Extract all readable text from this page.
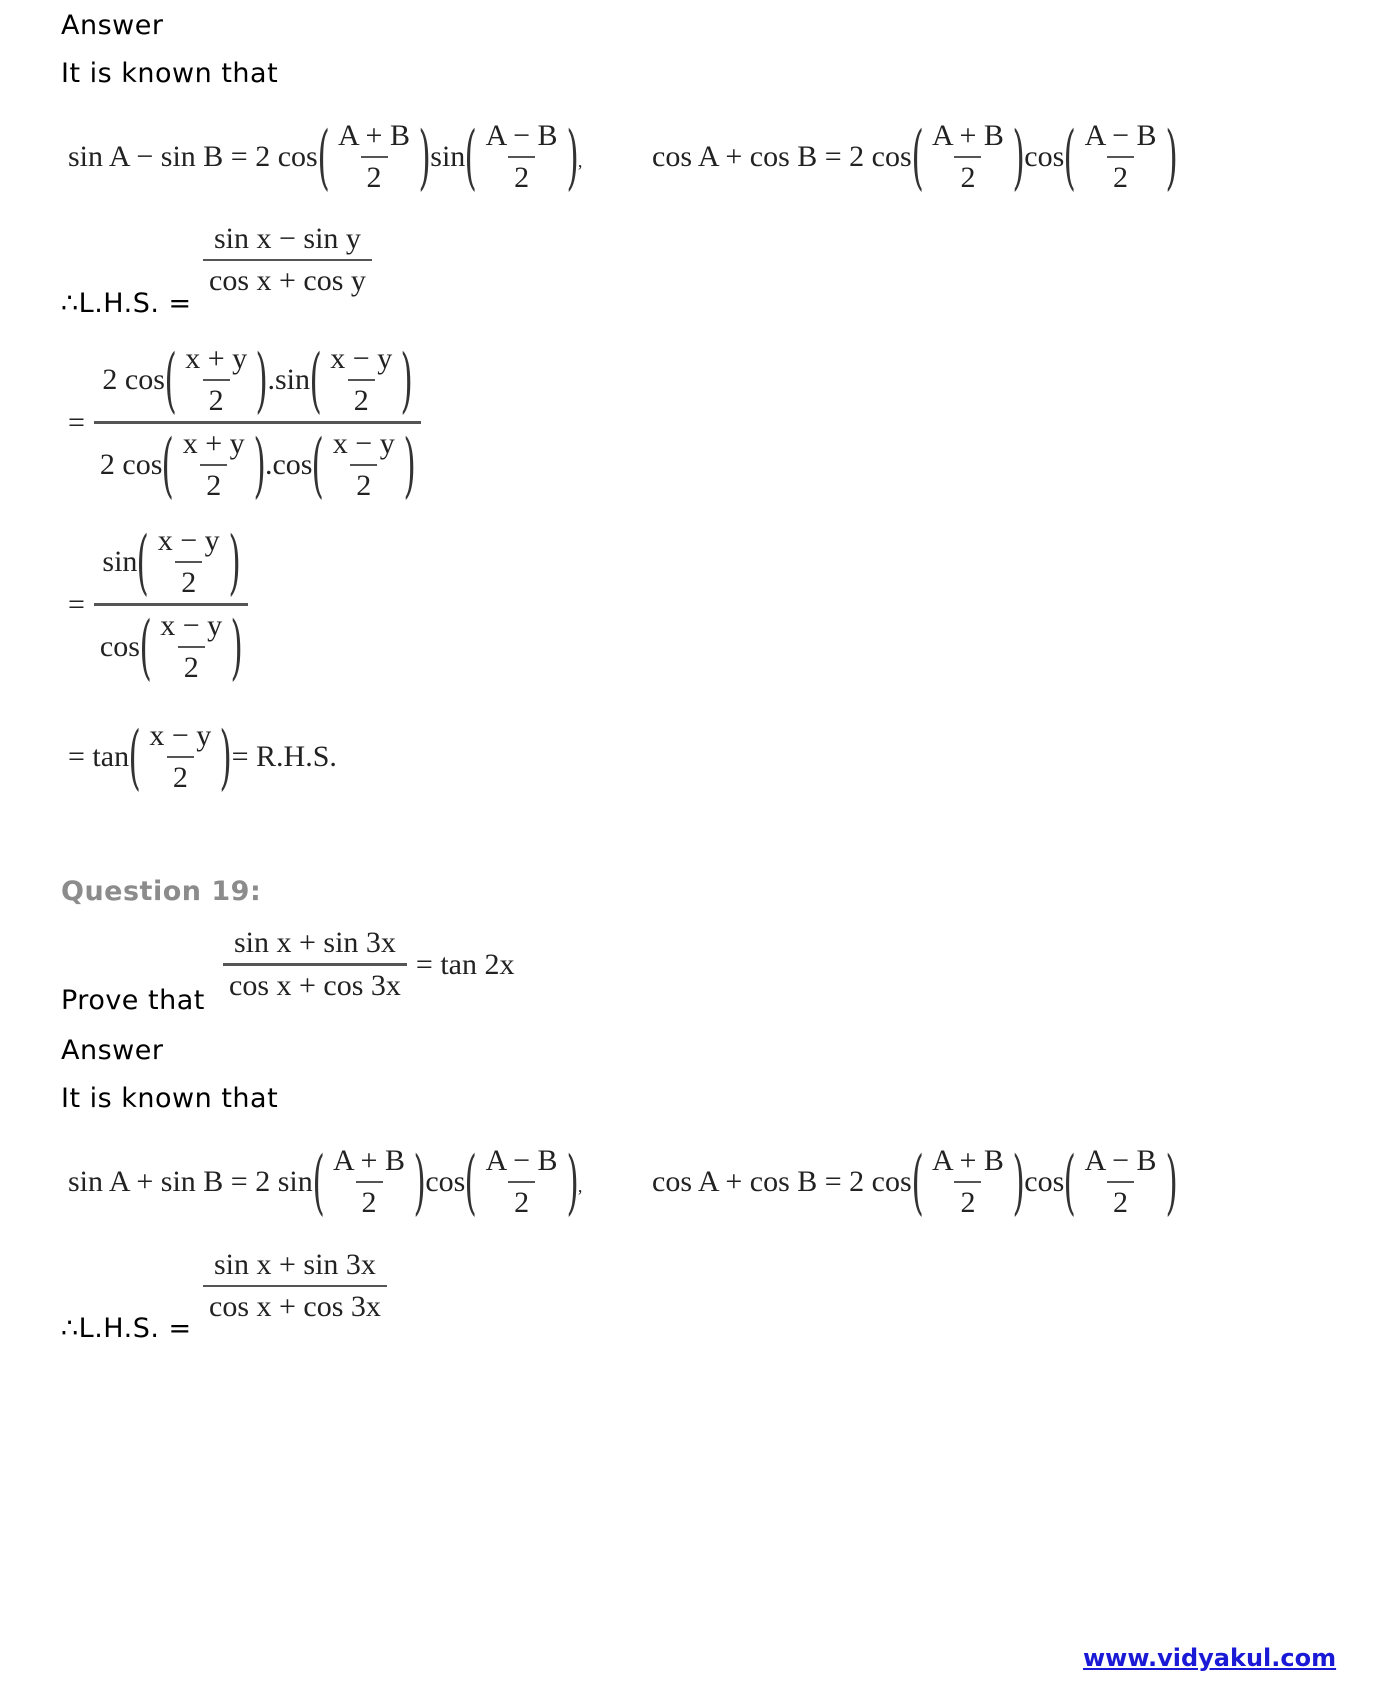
Answer
It is known that
sin A − sin B = 2 cos ( $\frac{A + B}{2}$ ) sin ( $\frac{A - B}{2}$ ) , cos A + cos B = 2 cos ( $\frac{A + B}{2}$ ) cos ( $\frac{A - B}{2}$ )
∴L.H.S. =
$\frac{\text{sin x − sin y}}{\text{cos x + cos y}}$
= $\frac{2 \cos ( \frac{x + y}{2} ) .\sin ( \frac{x - y}{2} )}{2 \cos ( \frac{x + y}{2} ) .\cos ( \frac{x - y}{2} )}$
= $\frac{\sin ( \frac{x - y}{2} )}{\cos ( \frac{x - y}{2} )}$
= tan ( $\frac{x - y}{2}$ ) = R.H.S.
Question 19:
Prove that $\frac{\text{sin x + sin 3x}}{\text{cos x + cos 3x}} = \tan 2x$
Answer
It is known that
sin A + sin B = 2 sin ( $\frac{A + B}{2}$ ) cos ( $\frac{A - B}{2}$ ) , cos A + cos B = 2 cos ( $\frac{A + B}{2}$ ) cos ( $\frac{A - B}{2}$ )
∴L.H.S. =
$\frac{\text{sin x + sin 3x}}{\text{cos x + cos 3x}}$
www.vidyakul.com
